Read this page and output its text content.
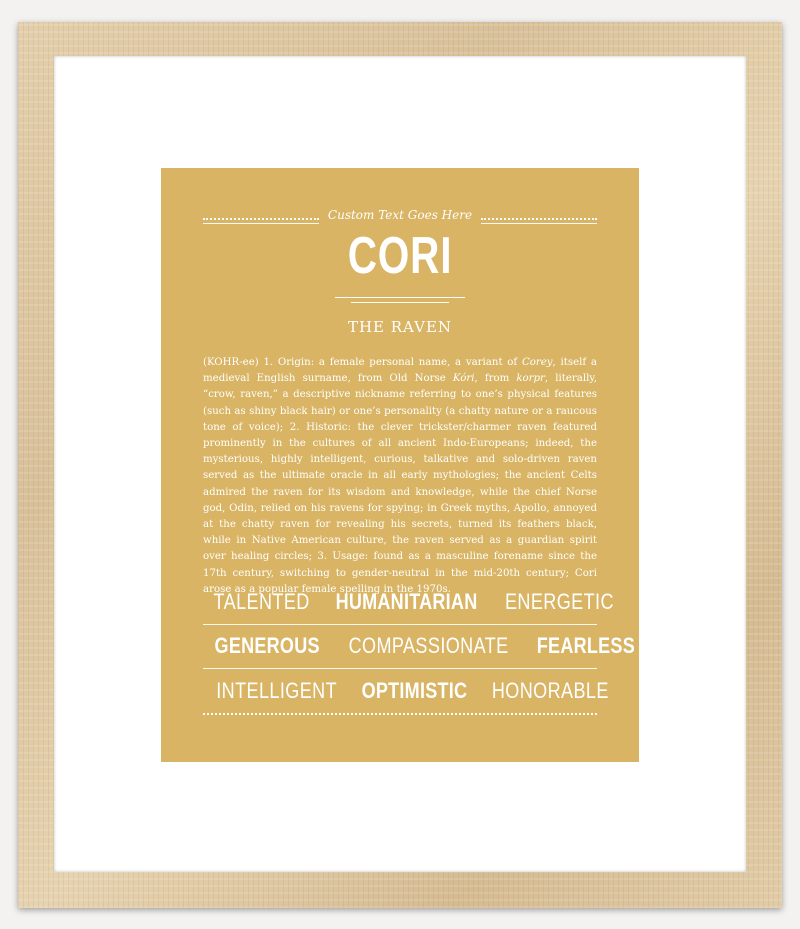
Custom Text Goes Here
CORI
THE RAVEN
(KOHR-ee) 1. Origin: a female personal name, a variant of Corey, itself a medieval English surname, from Old Norse Kóri, from korpr, literally, “crow, raven,” a descriptive nickname referring to one’s physical features (such as shiny black hair) or one’s personality (a chatty nature or a raucous tone of voice); 2. Historic: the clever trickster/charmer raven featured prominently in the cultures of all ancient Indo-Europeans; indeed, the mysterious, highly intelligent, curious, talkative and solo-driven raven served as the ultimate oracle in all early mythologies; the ancient Celts admired the raven for its wisdom and knowledge, while the chief Norse god, Odin, relied on his ravens for spying; in Greek myths, Apollo, annoyed at the chatty raven for revealing his secrets, turned its feathers black, while in Native American culture, the raven served as a guardian spirit over healing circles; 3. Usage: found as a masculine forename since the 17th century, switching to gender-neutral in the mid-20th century; Cori arose as a popular female spelling in the 1970s.
TALENTED HUMANITARIAN ENERGETIC
GENEROUS COMPASSIONATE FEARLESS
INTELLIGENT OPTIMISTIC HONORABLE
